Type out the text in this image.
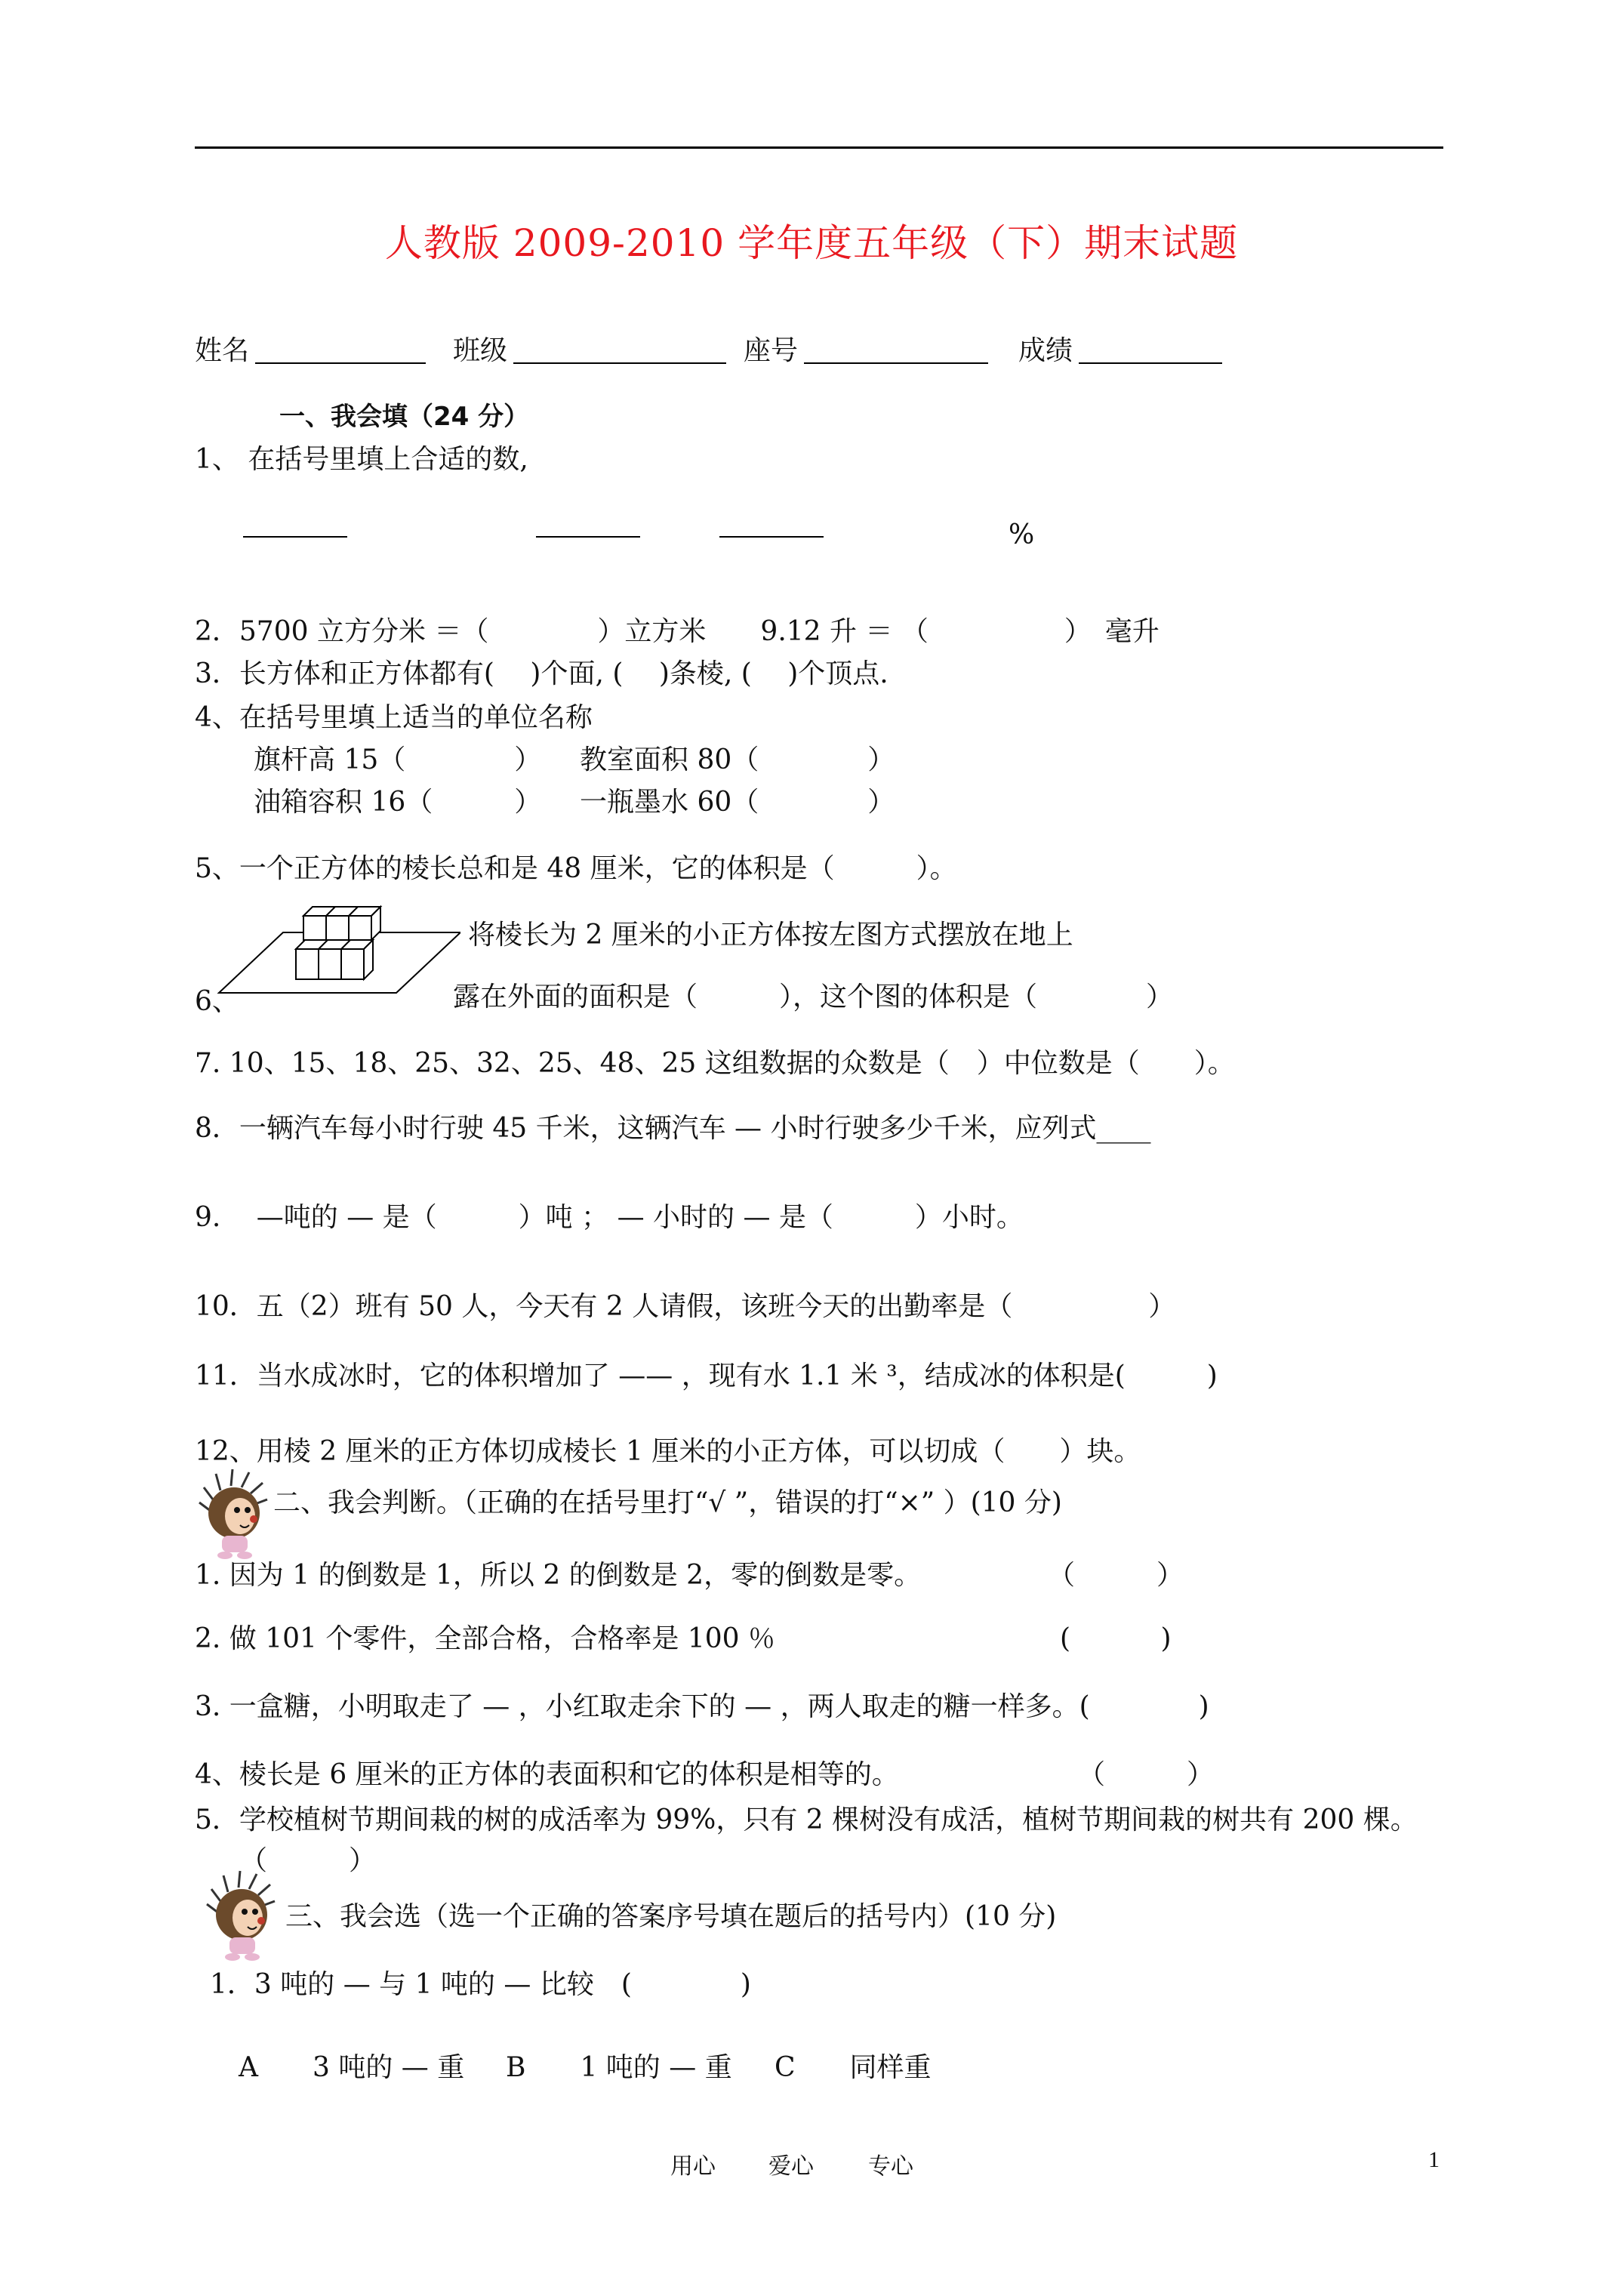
人教版 2009-2010 学年度五年级（下）期末试题
姓名	班级	座号	成绩
一、我会填（24 分）
1、 在括号里填上合适的数,
%
2．5700 立方分米 ＝（　　　　）立方米　　9.12 升 ＝ （　　　　　）　毫升
3．长方体和正方体都有(　 )个面, (　 )条棱, (　 )个顶点.
4、在括号里填上适当的单位名称
旗杆高 15（　　　　） 教室面积 80（　　　　）
油箱容积 16（　　　） 一瓶墨水 60（　　　　）
5、一个正方体的棱长总和是 48 厘米，它的体积是（　　　）。
将棱长为 2 厘米的小正方体按左图方式摆放在地上
6、	露在外面的面积是（　　　），这个图的体积是（　　　　）
7. 10、15、18、25、32、25、48、25 这组数据的众数是（　）中位数是（　　）。
8．一辆汽车每小时行驶 45 千米，这辆汽车 — 小时行驶多少千米，应列式____
9.　 —吨的 — 是（　　　）吨 ； — 小时的 — 是（　　　）小时。
10．五（2）班有 50 人，今天有 2 人请假，该班今天的出勤率是（　　　　　）
11．当水成冰时，它的体积增加了 —— ，现有水 1.1 米 ³，结成冰的体积是(　　　)
12、用棱 2 厘米的正方体切成棱长 1 厘米的小正方体，可以切成（　　）块。
二、我会判断。（正确的在括号里打“√ ”，错误的打“×” ）(10 分)
1. 因为 1 的倒数是 1，所以 2 的倒数是 2，零的倒数是零。	（　　　）
2. 做 101 个零件，全部合格，合格率是 100 ％	(　　　 )
3. 一盒糖，小明取走了 — ，小红取走余下的 — ，两人取走的糖一样多。(　　　　)
4、棱长是 6 厘米的正方体的表面积和它的体积是相等的。	（　　　）
5．学校植树节期间栽的树的成活率为 99%，只有 2 棵树没有成活，植树节期间栽的树共有 200 棵。
（　　　）
三、我会选（选一个正确的答案序号填在题后的括号内）(10 分)
1．3 吨的 — 与 1 吨的 — 比较　(　　　　)
A　　3 吨的 — 重 B　　1 吨的 — 重 C　　同样重
用心 爱心 专心	1
